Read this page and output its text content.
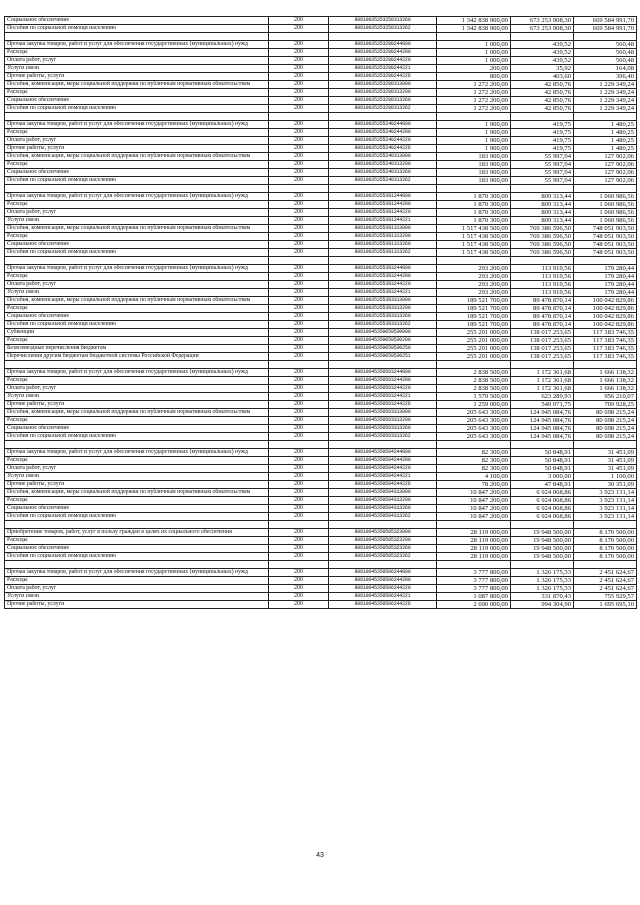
Социальное обеспечение	200	80610035353250313260	1 342 838 900,00	673 253 908,30	669 584 991,70
Пособия по социальной помощи населению	200	80610035353250313262	1 342 838 900,00	673 253 908,30	669 584 991,70

Прочая закупка товаров, работ и услуг для обеспечения государственных (муниципальных) нужд	200	80610035353280244000	1 000,00	439,52	560,48
Расходы	200	80610035353280244200	1 000,00	439,52	560,48
Оплата работ, услуг	200	80610035353280244220	1 000,00	439,52	560,48
Услуги связи	200	80610035353280244221	200,00	35,92	164,08
Прочие работы, услуги	200	80610035353280244226	800,00	403,60	396,40
Пособия, компенсации, меры социальной поддержки по публичным нормативным обязательствам	200	80610035353280313000	1 272 200,00	42 850,76	1 229 349,24
Расходы	200	80610035353280313200	1 272 200,00	42 850,76	1 229 349,24
Социальное обеспечение	200	80610035353280313260	1 272 200,00	42 850,76	1 229 349,24
Пособия по социальной помощи населению	200	80610035353280313262	1 272 200,00	42 850,76	1 229 349,24

Прочая закупка товаров, работ и услуг для обеспечения государственных (муниципальных) нужд	200	80610035355240244000	1 900,00	419,75	1 480,25
Расходы	200	80610035355240244200	1 900,00	419,75	1 480,25
Оплата работ, услуг	200	80610035355240244220	1 900,00	419,75	1 480,25
Прочие работы, услуги	200	80610035355240244226	1 900,00	419,75	1 480,25
Пособия, компенсации, меры социальной поддержки по публичным нормативным обязательствам	200	80610035355240313000	183 900,00	55 997,94	127 902,06
Расходы	200	80610035355240313200	183 900,00	55 997,94	127 902,06
Социальное обеспечение	200	80610035355240313260	183 900,00	55 997,94	127 902,06
Пособия по социальной помощи населению	200	80610035355240313262	183 900,00	55 997,94	127 902,06

Прочая закупка товаров, работ и услуг для обеспечения государственных (муниципальных) нужд	200	80610035355381244000	1 870 300,00	809 313,44	1 060 986,56
Расходы	200	80610035355381244200	1 870 300,00	809 313,44	1 060 986,56
Оплата работ, услуг	200	80610035355381244220	1 870 300,00	809 313,44	1 060 986,56
Услуги связи	200	80610035355381244221	1 870 300,00	809 313,44	1 060 986,56
Пособия, компенсации, меры социальной поддержки по публичным нормативным обязательствам	200	80610035355381313000	1 517 438 500,00	769 386 596,50	748 051 903,50
Расходы	200	80610035355381313200	1 517 438 500,00	769 386 596,50	748 051 903,50
Социальное обеспечение	200	80610035355381313260	1 517 438 500,00	769 386 596,50	748 051 903,50
Пособия по социальной помощи населению	200	80610035355381313262	1 517 438 500,00	769 386 596,50	748 051 903,50

Прочая закупка товаров, работ и услуг для обеспечения государственных (муниципальных) нужд	200	80610035355383244000	293 200,00	113 919,56	179 280,44
Расходы	200	80610035355383244200	293 200,00	113 919,56	179 280,44
Оплата работ, услуг	200	80610035355383244220	293 200,00	113 919,56	179 280,44
Услуги связи	200	80610035355383244221	293 200,00	113 919,56	179 280,44
Пособия, компенсации, меры социальной поддержки по публичным нормативным обязательствам	200	80610035355383313000	189 521 700,00	89 478 870,14	100 042 829,86
Расходы	200	80610035355383313200	189 521 700,00	89 478 870,14	100 042 829,86
Социальное обеспечение	200	80610035355383313260	189 521 700,00	89 478 870,14	100 042 829,86
Пособия по социальной помощи населению	200	80610035355383313262	189 521 700,00	89 478 870,14	100 042 829,86
Субвенции	200	80610045350050530000	255 201 000,00	138 017 253,65	117 183 746,35
Расходы	200	80610045350050530200	255 201 000,00	138 017 253,65	117 183 746,35
Безвозмездные перечисления бюджетам	200	80610045350050530250	255 201 000,00	138 017 253,65	117 183 746,35
Перечисления другим бюджетам бюджетной системы Российской Федерации	200	80610045350050530251	255 201 000,00	138 017 253,65	117 183 746,35

Прочая закупка товаров, работ и услуг для обеспечения государственных (муниципальных) нужд	200	80610045350503244000	2 838 500,00	1 172 361,68	1 666 138,32
Расходы	200	80610045350503244200	2 838 500,00	1 172 361,68	1 666 138,32
Оплата работ, услуг	200	80610045350503244220	2 838 500,00	1 172 361,68	1 666 138,32
Услуги связи	200	80610045350503244221	1 579 500,00	623 289,93	956 210,07
Прочие работы, услуги	200	80610045350503244226	1 259 000,00	549 071,75	709 928,25
Пособия, компенсации, меры социальной поддержки по публичным нормативным обязательствам	200	80610045350503313000	205 643 300,00	124 945 084,76	80 698 215,24
Расходы	200	80610045350503313200	205 643 300,00	124 945 084,76	80 698 215,24
Социальное обеспечение	200	80610045350503313260	205 643 300,00	124 945 084,76	80 698 215,24
Пособия по социальной помощи населению	200	80610045350503313262	205 643 300,00	124 945 084,76	80 698 215,24

Прочая закупка товаров, работ и услуг для обеспечения государственных (муниципальных) нужд	200	80610045350504244000	82 300,00	50 848,91	31 451,09
Расходы	200	80610045350504244200	82 300,00	50 848,91	31 451,09
Оплата работ, услуг	200	80610045350504244220	82 300,00	50 848,91	31 451,09
Услуги связи	200	80610045350504244221	4 100,00	3 000,00	1 100,00
Прочие работы, услуги	200	80610045350504244226	78 200,00	47 848,91	30 351,09
Пособия, компенсации, меры социальной поддержки по публичным нормативным обязательствам	200	80610045350504313000	10 847 200,00	6 924 068,86	3 923 131,14
Расходы	200	80610045350504313200	10 847 200,00	6 924 068,86	3 923 131,14
Социальное обеспечение	200	80610045350504313260	10 847 200,00	6 924 068,86	3 923 131,14
Пособия по социальной помощи населению	200	80610045350504313262	10 847 200,00	6 924 068,86	3 923 131,14

Приобретение товаров, работ, услуг в пользу граждан в целях их социального обеспечения	200	80610045350505323000	28 119 000,00	19 948 500,00	8 170 500,00
Расходы	200	80610045350505323200	28 119 000,00	19 948 500,00	8 170 500,00
Социальное обеспечение	200	80610045350505323260	28 119 000,00	19 948 500,00	8 170 500,00
Пособия по социальной помощи населению	200	80610045350505323262	28 119 000,00	19 948 500,00	8 170 500,00

Прочая закупка товаров, работ и услуг для обеспечения государственных (муниципальных) нужд	200	80610045350506244000	3 777 800,00	1 326 175,33	2 451 624,67
Расходы	200	80610045350506244200	3 777 800,00	1 326 175,33	2 451 624,67
Оплата работ, услуг	200	80610045350506244220	3 777 800,00	1 326 175,33	2 451 624,67
Услуги связи	200	80610045350506244221	1 087 800,00	331 870,43	755 929,57
Прочие работы, услуги	200	80610045350506244226	2 690 000,00	994 304,90	1 695 695,10
43
